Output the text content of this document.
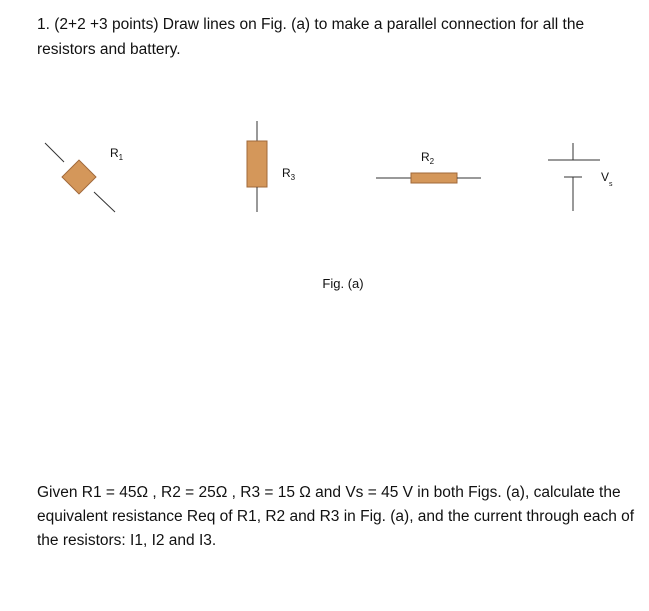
1. (2+2 +3 points) Draw lines on Fig. (a) to make a parallel connection for all the
resistors and battery.

$R_1$
$R_3$
$R_2$
$V_s$
Fig. (a)

Given R1 = 45Ω , R2 = 25Ω , R3 = 15 Ω and Vs = 45 V in both Figs. (a), calculate the
equivalent resistance Req of R1, R2 and R3 in Fig. (a), and the current through each of
the resistors: I1, I2 and I3.
